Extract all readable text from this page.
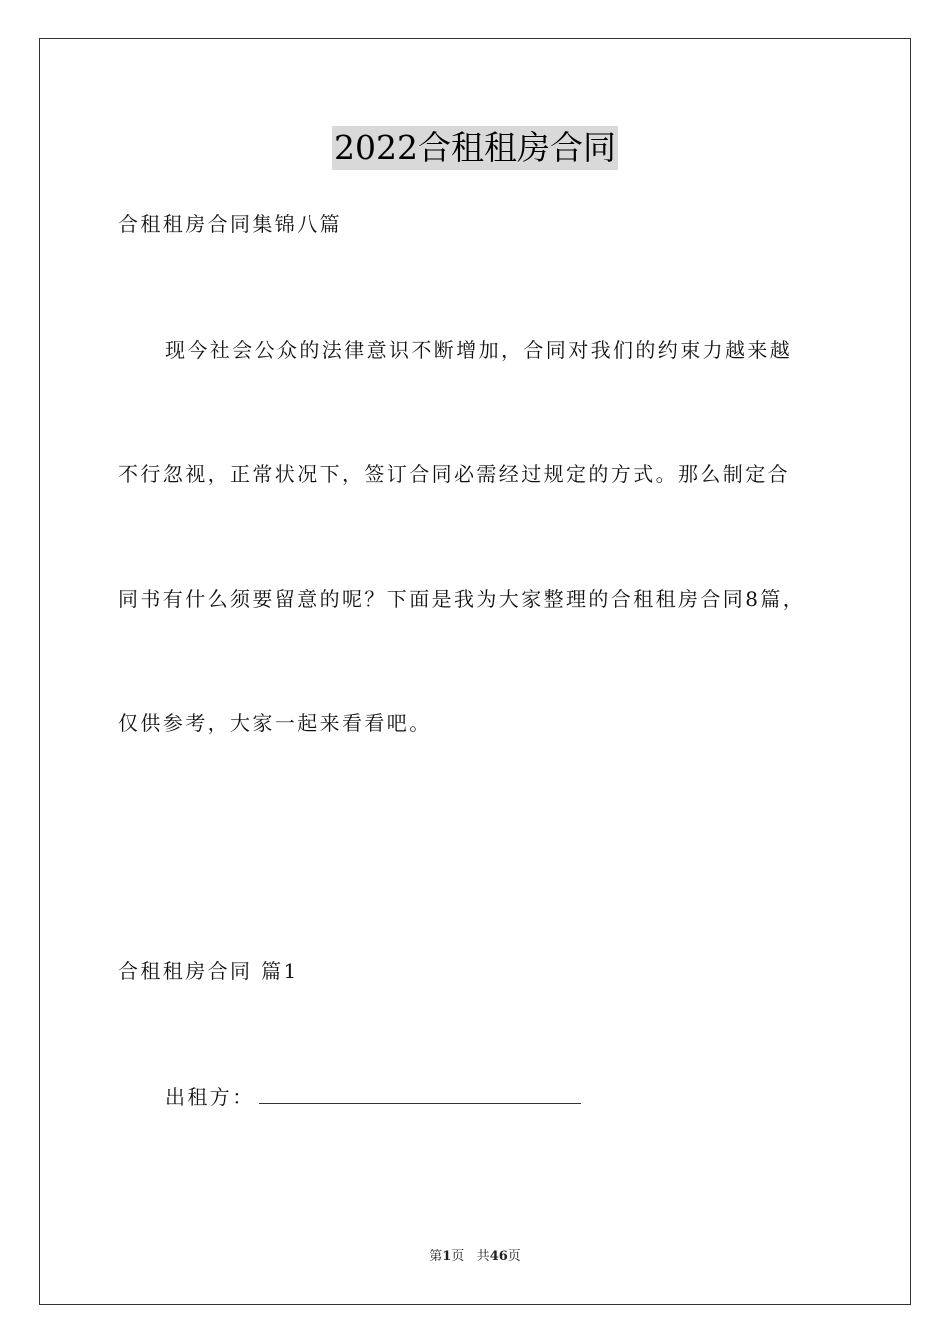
2022合租租房合同
合租租房合同集锦八篇
现今社会公众的法律意识不断增加，合同对我们的约束力越来越
不行忽视，正常状况下，签订合同必需经过规定的方式。那么制定合
同书有什么须要留意的呢？下面是我为大家整理的合租租房合同8篇，
仅供参考，大家一起来看看吧。
合租租房合同 篇1
出租方：
第1页 共46页
